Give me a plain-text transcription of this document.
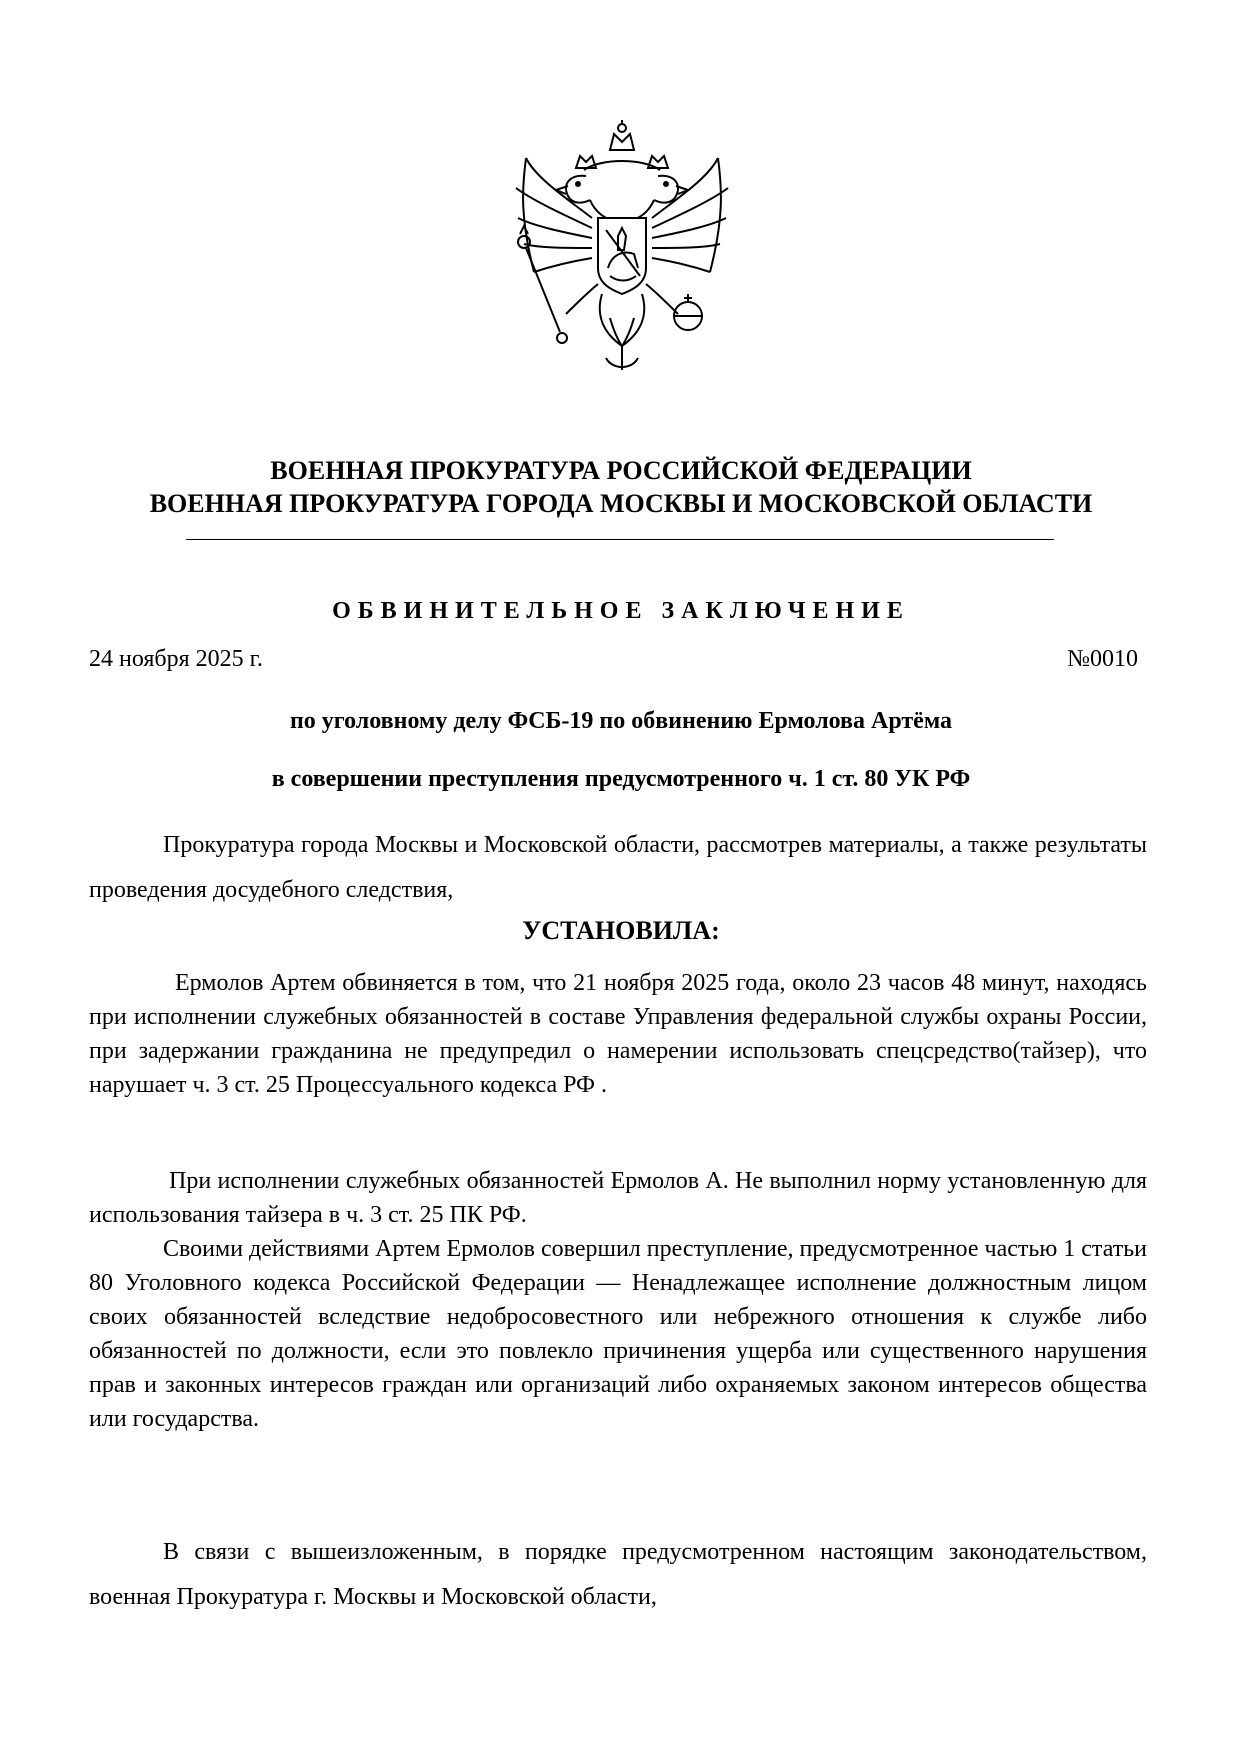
ВОЕННАЯ ПРОКУРАТУРА РОССИЙСКОЙ ФЕДЕРАЦИИ
ВОЕННАЯ ПРОКУРАТУРА ГОРОДА МОСКВЫ И МОСКОВСКОЙ ОБЛАСТИ
ОБВИНИТЕЛЬНОЕ ЗАКЛЮЧЕНИЕ
24 ноября 2025 г.	№0010
по уголовному делу ФСБ-19 по обвинению Ермолова Артёма
в совершении преступления предусмотренного ч. 1 ст. 80 УК РФ
Прокуратура города Москвы и Московской области, рассмотрев материалы, а также результаты проведения досудебного следствия,
УСТАНОВИЛА:
Ермолов Артем обвиняется в том, что 21 ноября 2025 года, около 23 часов 48 минут, находясь при исполнении служебных обязанностей в составе Управления федеральной службы охраны России, при задержании гражданина не предупредил о намерении использовать спецсредство(тайзер), что нарушает ч. 3 ст. 25 Процессуального кодекса РФ .
При исполнении служебных обязанностей Ермолов А. Не выполнил норму установленную для использования тайзера в ч. 3 ст. 25 ПК РФ.
Своими действиями Артем Ермолов совершил преступление, предусмотренное частью 1 статьи 80 Уголовного кодекса Российской Федерации — Ненадлежащее исполнение должностным лицом своих обязанностей вследствие недобросовестного или небрежного отношения к службе либо обязанностей по должности, если это повлекло причинения ущерба или существенного нарушения прав и законных интересов граждан или организаций либо охраняемых законом интересов общества или государства.
В связи с вышеизложенным, в порядке предусмотренном настоящим законодательством, военная Прокуратура г. Москвы и Московской области,
